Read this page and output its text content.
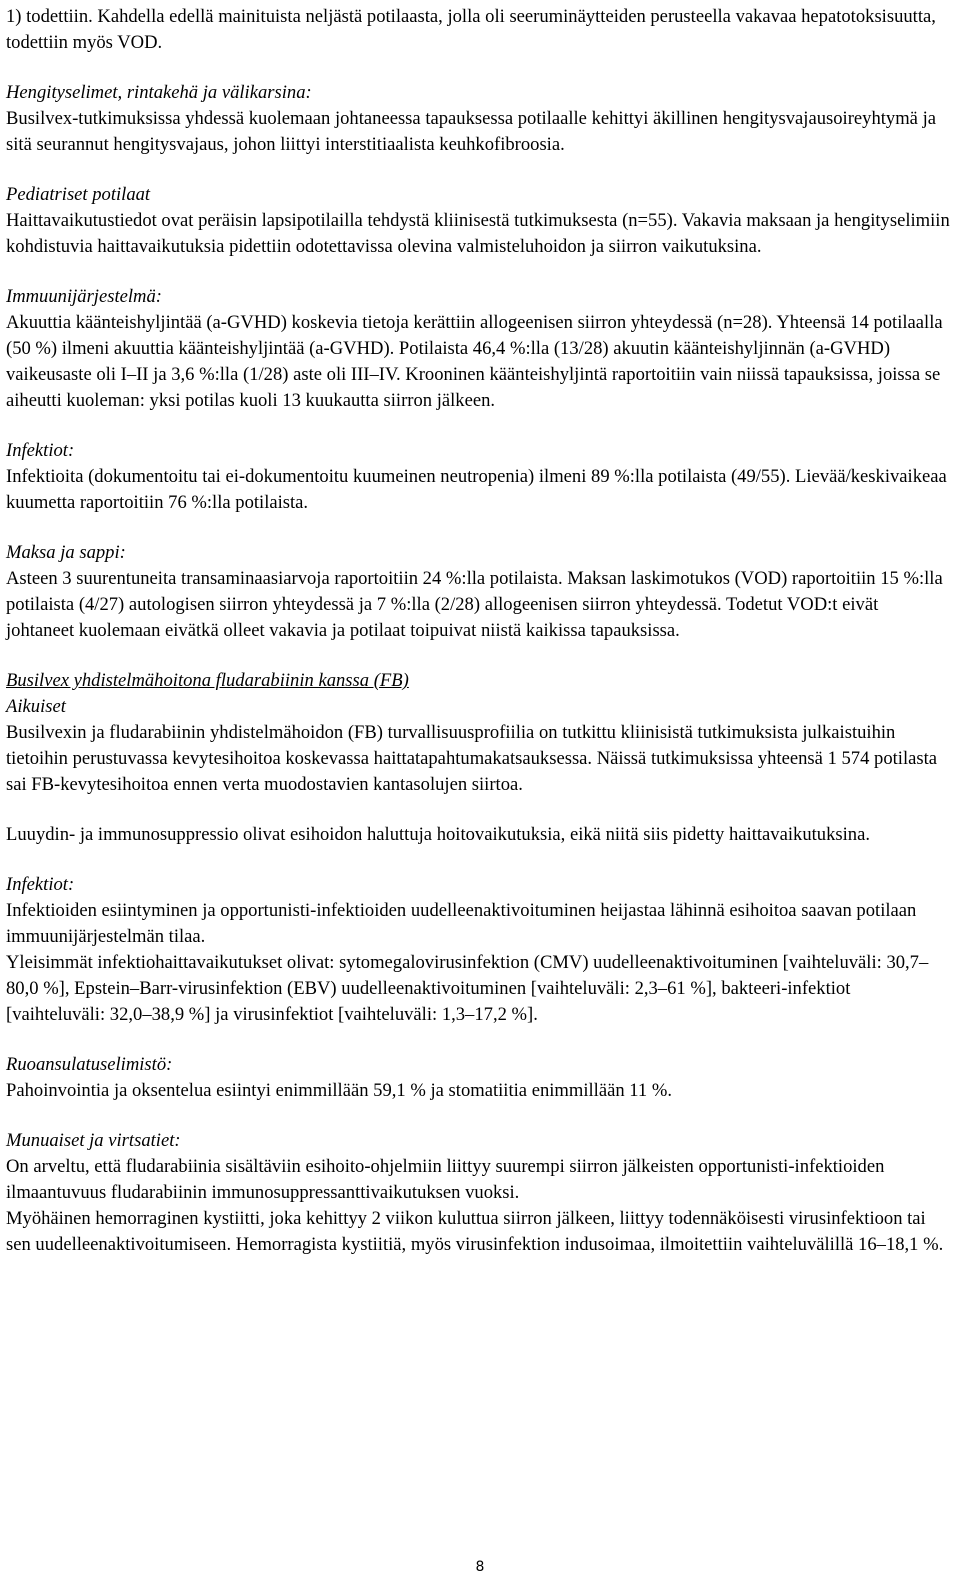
1) todettiin. Kahdella edellä mainituista neljästä potilaasta, jolla oli seeruminäytteiden perusteella vakavaa hepatotoksisuutta, todettiin myös VOD.

Hengityselimet, rintakehä ja välikarsina:

Busilvex-tutkimuksissa yhdessä kuolemaan johtaneessa tapauksessa potilaalle kehittyi äkillinen hengitysvajausoireyhtymä ja sitä seurannut hengitysvajaus, johon liittyi interstitiaalista keuhkofibroosia.

Pediatriset potilaat

Haittavaikutustiedot ovat peräisin lapsipotilailla tehdystä kliinisestä tutkimuksesta (n=55). Vakavia maksaan ja hengityselimiin kohdistuvia haittavaikutuksia pidettiin odotettavissa olevina valmisteluhoidon ja siirron vaikutuksina.

Immuunijärjestelmä:

Akuuttia käänteishyljintää (a-GVHD) koskevia tietoja kerättiin allogeenisen siirron yhteydessä (n=28). Yhteensä 14 potilaalla (50 %) ilmeni akuuttia käänteishyljintää (a-GVHD). Potilaista 46,4 %:lla (13/28) akuutin käänteishyljinnän (a-GVHD) vaikeusaste oli I–II ja 3,6 %:lla (1/28) aste oli III–IV. Krooninen käänteishyljintä raportoitiin vain niissä tapauksissa, joissa se aiheutti kuoleman: yksi potilas kuoli 13 kuukautta siirron jälkeen.

Infektiot:

Infektioita (dokumentoitu tai ei-dokumentoitu kuumeinen neutropenia) ilmeni 89 %:lla potilaista (49/55). Lievää/keskivaikeaa kuumetta raportoitiin 76 %:lla potilaista.

Maksa ja sappi:

Asteen 3 suurentuneita transaminaasiarvoja raportoitiin 24 %:lla potilaista. Maksan laskimotukos (VOD) raportoitiin 15 %:lla potilaista (4/27) autologisen siirron yhteydessä ja 7 %:lla (2/28) allogeenisen siirron yhteydessä. Todetut VOD:t eivät johtaneet kuolemaan eivätkä olleet vakavia ja potilaat toipuivat niistä kaikissa tapauksissa.

Busilvex yhdistelmähoitona fludarabiinin kanssa (FB)

Aikuiset

Busilvexin ja fludarabiinin yhdistelmähoidon (FB) turvallisuusprofiilia on tutkittu kliinisistä tutkimuksista julkaistuihin tietoihin perustuvassa kevytesihoitoa koskevassa haittatapahtumakatsauksessa. Näissä tutkimuksissa yhteensä 1 574 potilasta sai FB-kevytesihoitoa ennen verta muodostavien kantasolujen siirtoa.

Luuydin- ja immunosuppressio olivat esihoidon haluttuja hoitovaikutuksia, eikä niitä siis pidetty haittavaikutuksina.

Infektiot:

Infektioiden esiintyminen ja opportunisti-infektioiden uudelleenaktivoituminen heijastaa lähinnä esihoitoa saavan potilaan immuunijärjestelmän tilaa.

Yleisimmät infektiohaittavaikutukset olivat: sytomegalovirusinfektion (CMV) uudelleenaktivoituminen [vaihteluväli: 30,7–80,0 %], Epstein–Barr-virusinfektion (EBV) uudelleenaktivoituminen [vaihteluväli: 2,3–61 %], bakteeri-infektiot [vaihteluväli: 32,0–38,9 %] ja virusinfektiot [vaihteluväli: 1,3–17,2 %].

Ruoansulatuselimistö:

Pahoinvointia ja oksentelua esiintyi enimmillään 59,1 % ja stomatiitia enimmillään 11 %.

Munuaiset ja virtsatiet:

On arveltu, että fludarabiinia sisältäviin esihoito-ohjelmiin liittyy suurempi siirron jälkeisten opportunisti-infektioiden ilmaantuvuus fludarabiinin immunosuppressanttivaikutuksen vuoksi.

Myöhäinen hemorraginen kystiitti, joka kehittyy 2 viikon kuluttua siirron jälkeen, liittyy todennäköisesti virusinfektioon tai sen uudelleenaktivoitumiseen. Hemorragista kystiitiä, myös virusinfektion indusoimaa, ilmoitettiin vaihteluvälillä 16–18,1 %.

8
